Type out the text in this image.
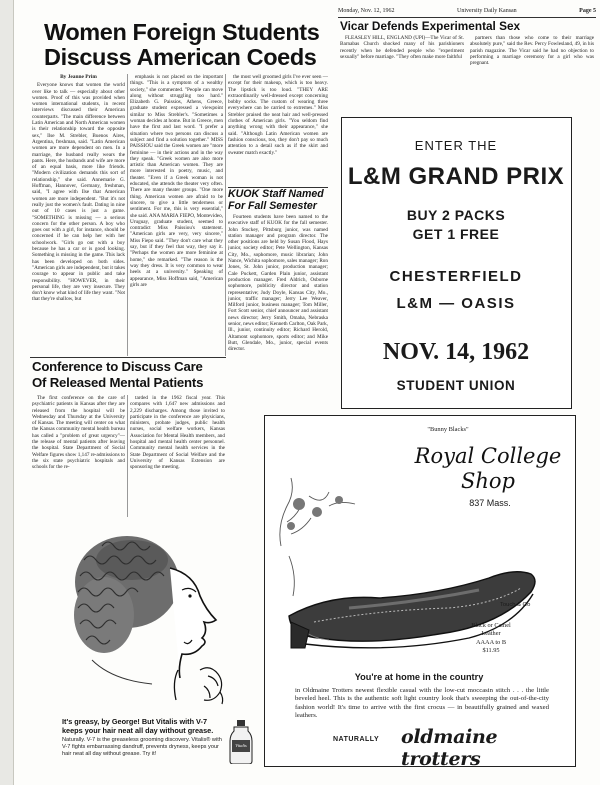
Monday, Nov. 12, 1962	University Daily Kansan	Page 5
Women Foreign Students
Discuss American Coeds
By Jeanne Prim

Everyone knows that women the world over like to talk — especially about other women. Proof of this was provided when women international students, in recent interviews discussed their American counterparts. "The main difference between Latin American and North American women is their relationship toward the opposite sex," Ilse M. Strebler, Buenos Aires, Argentina, freshman, said. "Latin American women are more dependent on men. In a marriage, the husband really wears the pants. Here, the husbands and wife are more of an equal basis, more like friends. "Modern civilization demands this sort of relationship," she said. Annemarie G. Hoffman, Hannover, Germany, freshman, said, "I agree with Ilse that American women are more independent. "But it's not really just the women's fault. Dating in nine out of 10 cases is just a game. "SOMETHING is missing — a serious concern for the other person. A boy who goes out with a girl, for instance, should be concerned if he can help her with her schoolwork. "Girls go out with a boy because he has a car or is good looking. Something is missing in the game. This lack has been developed on both sides. "American girls are independent, but it takes courage to appear in public and take responsibility. "HOWEVER, in their personal life, they are very insecure. They don't know what kind of life they want. "Not that they're shallow, but

emphasis is not placed on the important things. "This is a symptom of a wealthy society," she commented. "People can move along without struggling too hard." Elizabeth G. Paissios, Athens, Greece, graduate student expressed a viewpoint similar to Miss Strebler's. "Sometimes a woman decides at home. But in Greece, men have the first and last word. "I prefer a situation where two persons can discuss a subject and find a solution together." MISS PAISSIOU said the Greek women are "more feminine — in their actions and in the way they speak. "Greek women are also more artistic than American women. They are more interested in poetry, music, and theater. "Even if a Greek woman is not educated, she attends the theater very often. There are many theater groups. "One more thing. American women are afraid to be sincere, to give a little tenderness or sentiment. For me, this is very essential," she said. ANA MARIA FIEPO, Montevideo, Uruguay, graduate student, seemed to contradict Miss Paissiou's statement. "American girls are very, very sincere," Miss Fiepo said. "They don't care what they say, but if they feel that way, they say it. "Perhaps the women are more feminine at home," she remarked. "The reason is the way they dress. It is very common to wear heels at a university." Speaking of appearance, Miss Hoffman said, "American girls are

the most well groomed girls I've ever seen — except for their makeup, which is too heavy. The lipstick is too loud. "THEY ARE extraordinarily well-dressed except concerning bobby socks. The custom of wearing three everywhere can be carried to extremes." Miss Strebler praised the neat hair and well-pressed clothes of American girls. "You seldom find anything wrong with their appearance," she said. "Although Latin American women are fashion conscious, too, they don't pay so much attention to a detail such as if the skirt and sweater match exactly."

KUOK Staff Named
For Fall Semester

Fourteen students have been named to the executive staff of KUOK for the fall semester. John Stuckey, Pittsburg junior, was named station manager and program director. The other positions are held by Susan Flood, Hays junior, society editor; Pete Wellington, Kansas City, Mo., sophomore, music librarian; John Nance, Wichita sophomore, sales manager; Ron Jones, St. John junior, production manager; Cale Puckett, Garden Plain junior, assistant production manager. Fred Aldrich, Osborne sophomore, publicity director and station representative; Judy Doyle, Kansas City, Mo., junior, traffic manager; Jerry Lee Weaver, Milford junior, business manager; Tom Miller, Fort Scott senior, chief announcer and assistant news director; Jerry Smith, Omaha, Nebraska senior, news editor; Kenneth Carlton, Oak Park, Ill., junior, continuity editor; Richard Herold, Altamont sophomore, sports editor; and Mike Butt, Glendale, Mo., junior, special events director.

Vicar Defends Experimental Sex

FLEASLEY HILL, ENGLAND (UPI)—The Vicar of St. Barnabas Church shocked many of his parishioners recently when he defended people who "experiment sexually" before marriage. "They often make more faithful

partners than those who come to their marriage absolutely pure," said the Rev. Percy Fowlesland, 49, in his parish magazine. The Vicar said he had no objection to performing a marriage ceremony for a girl who was pregnant.

ENTER THE
L&M GRAND PRIX
BUY 2 PACKS
GET 1 FREE
CHESTERFIELD
L&M — OASIS
NOV. 14, 1962
STUDENT UNION
Conference to Discuss Care
Of Released Mental Patients

The first conference on the care of psychiatric patients in Kansas after they are released from the hospital will be Wednesday and Thursday at the University of Kansas. The meeting will center on what the Kansas community mental health bureau has called a "problem of great urgency"—the release of mental patients after leaving the hospital. State Department of Social Welfare figures show 1,147 re-admissions to the six state psychiatric hospitals and schools for the re-

tarded in the 1962 fiscal year. This compares with 1,647 new admissions and 2,229 discharges. Among those invited to participate in the conference are physicians, ministers, probate judges, public health nurses, social welfare workers, Kansas Association for Mental Health members, and hospital and mental health center personnel. Community mental health services in the State Department of Social Welfare and the University of Kansas Extension are sponsoring the meeting.

It's greasy, by George! But Vitalis with V-7
keeps your hair neat all day without grease.
Naturally. V-7 is the greaseless grooming discovery. Vitalis® with V-7 fights embarrassing dandruff, prevents dryness, keeps your hair neat all day without grease. Try it!
Vitalis
"Bunny Blacks"
Royal College
Shop
837 Mass.
Touch & Go
Black or Camel
Leather
AAAA to B
$11.95
You're at home in the country
in Oldmaine Trotters newest flexible casual with the low-cut moccasin stitch . . . the little beveled heel. This is the authentic soft light country look that's sweeping the out-of-the-city fashion world! It's time to arrive with the first crocus — in beautifully grained and waxed leathers.
NATURALLY	oldmaine trotters
